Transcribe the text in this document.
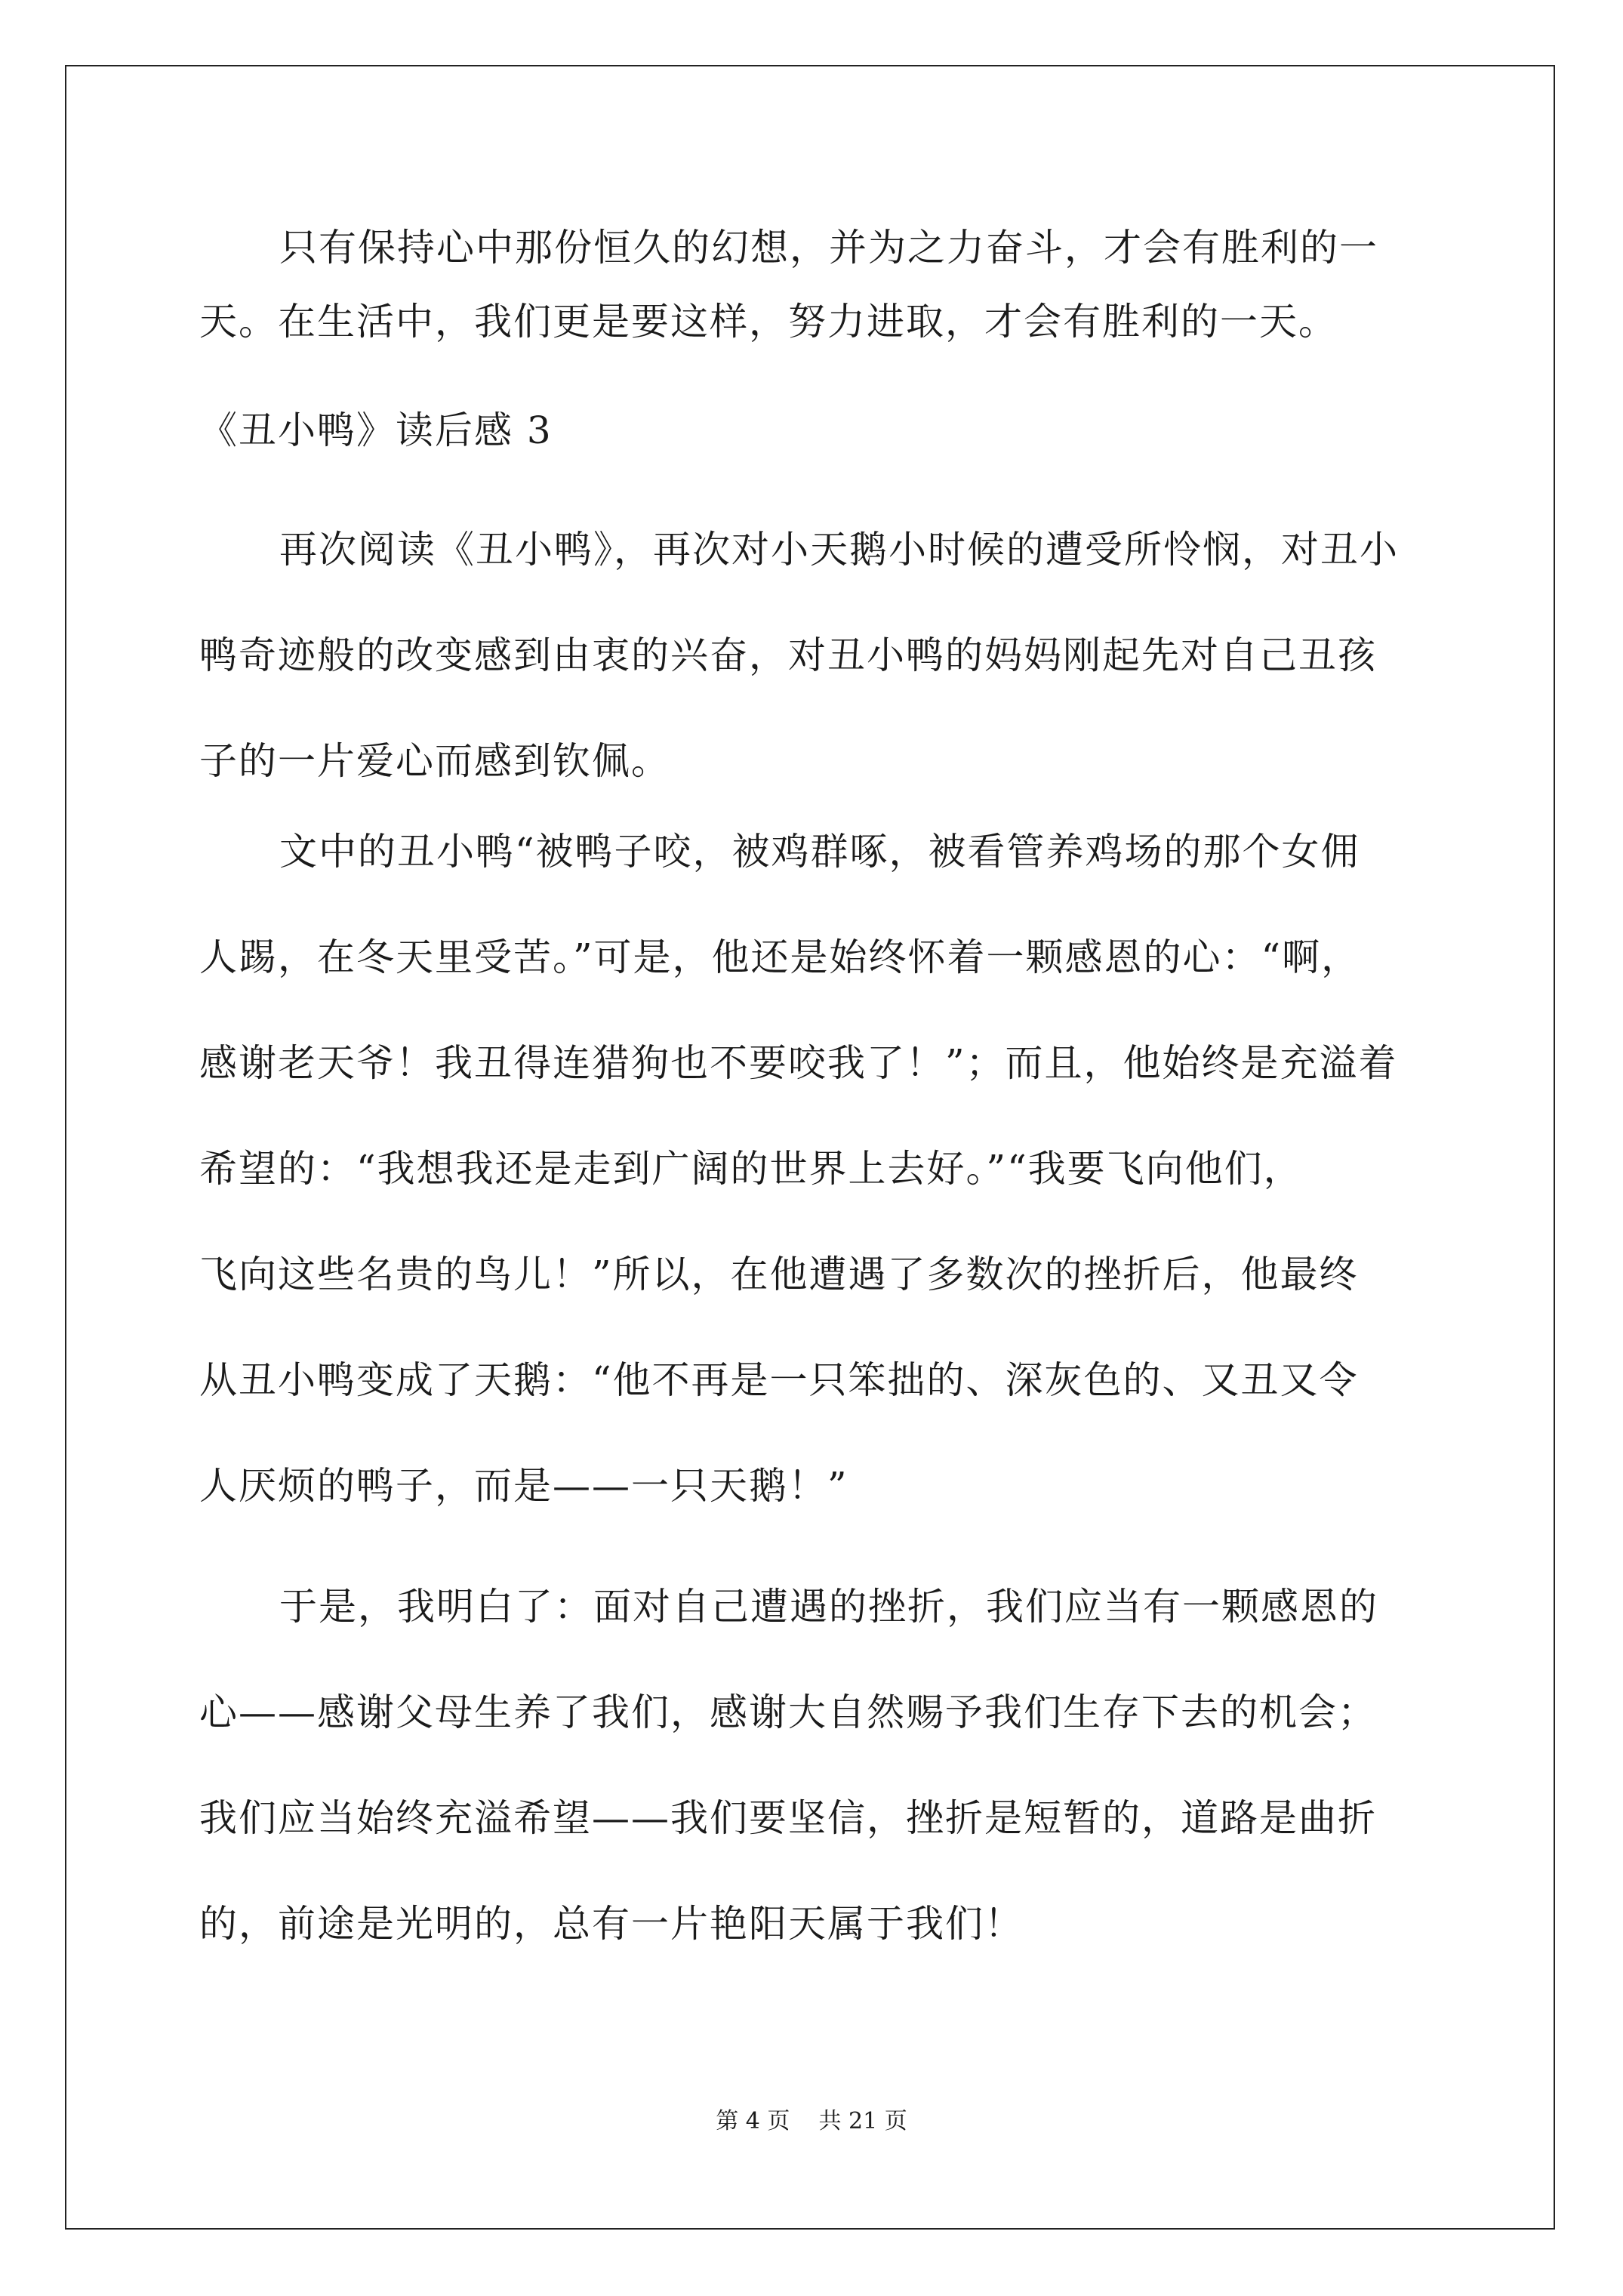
只有保持心中那份恒久的幻想，并为之力奋斗，才会有胜利的一

天。在生活中，我们更是要这样，努力进取，才会有胜利的一天。

《丑小鸭》读后感 3

再次阅读《丑小鸭》，再次对小天鹅小时候的遭受所怜悯，对丑小

鸭奇迹般的改变感到由衷的兴奋，对丑小鸭的妈妈刚起先对自己丑孩

子的一片爱心而感到钦佩。

文中的丑小鸭“被鸭子咬，被鸡群啄，被看管养鸡场的那个女佣

人踢，在冬天里受苦。”可是，他还是始终怀着一颗感恩的心：“啊，

感谢老天爷！我丑得连猎狗也不要咬我了！”；而且，他始终是充溢着

希望的：“我想我还是走到广阔的世界上去好。”“我要飞向他们，

飞向这些名贵的鸟儿！”所以，在他遭遇了多数次的挫折后，他最终

从丑小鸭变成了天鹅：“他不再是一只笨拙的、深灰色的、又丑又令

人厌烦的鸭子，而是——一只天鹅！”

于是，我明白了：面对自己遭遇的挫折，我们应当有一颗感恩的

心——感谢父母生养了我们，感谢大自然赐予我们生存下去的机会；

我们应当始终充溢希望——我们要坚信，挫折是短暂的，道路是曲折

的，前途是光明的，总有一片艳阳天属于我们！

第 4 页    共 21 页
